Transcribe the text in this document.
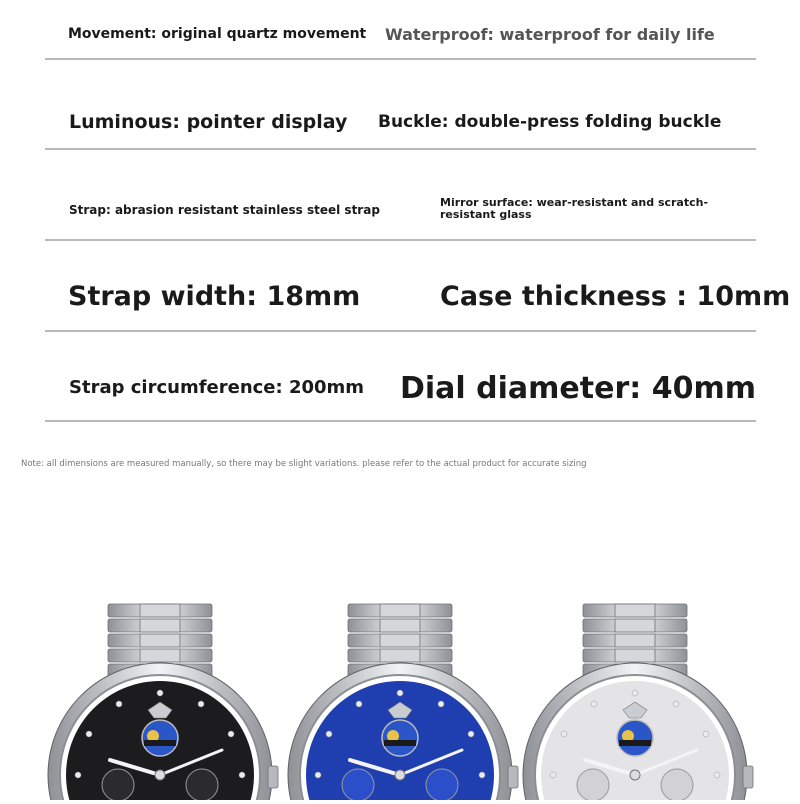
Movement: original quartz movement Waterproof: waterproof for daily life
Luminous: pointer display Buckle: double-press folding buckle
Strap: abrasion resistant stainless steel strap
Mirror surface: wear-resistant and scratch-resistant glass
Strap width: 18mm	Case thickness : 10mm
Strap circumference: 200mm Dial diameter: 40mm
Note: all dimensions are measured manually, so there may be slight variations. please refer to the actual product for accurate sizing
